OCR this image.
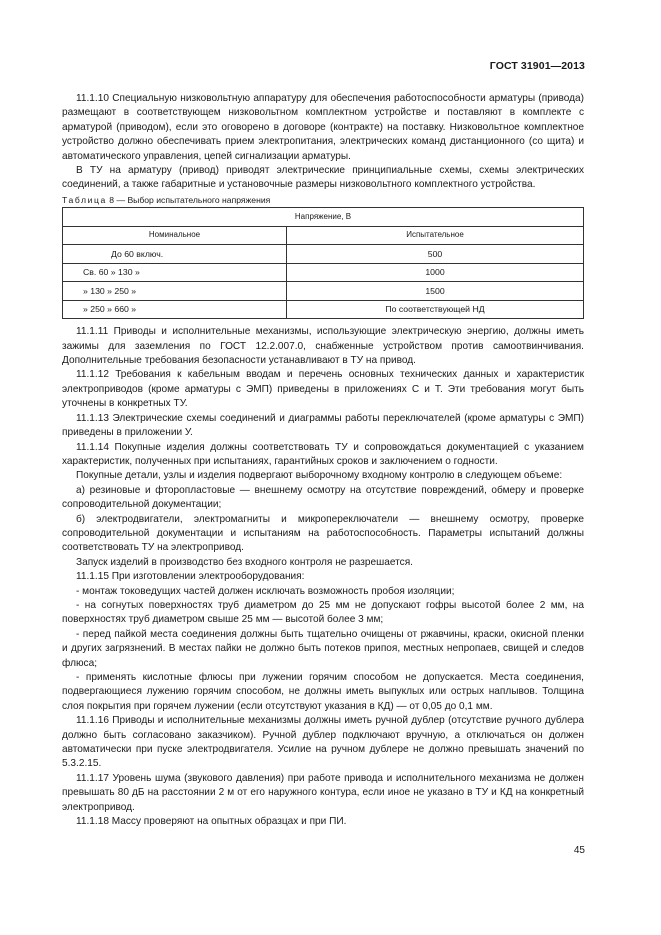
ГОСТ 31901—2013

11.1.10 Специальную низковольтную аппаратуру для обеспечения работоспособности арматуры (привода) размещают в соответствующем низковольтном комплектном устройстве и поставляют в комплекте с арматурой (приводом), если это оговорено в договоре (контракте) на поставку. Низковольтное комплектное устройство должно обеспечивать прием электропитания, электрических команд дистанционного (со щита) и автоматического управления, цепей сигнализации арматуры.

В ТУ на арматуру (привод) приводят электрические принципиальные схемы, схемы электрических соединений, а также габаритные и установочные размеры низковольтного комплектного устройства.

Таблица 8 — Выбор испытательного напряжения

Напряжение, В	
Номинальное	Испытательное
До 60 включ.	500
Св. 60 » 130 »	1000
» 130 » 250 »	1500
» 250 » 660 »	По соответствующей НД

11.1.11 Приводы и исполнительные механизмы, использующие электрическую энергию, должны иметь зажимы для заземления по ГОСТ 12.2.007.0, снабженные устройством против самоотвинчивания. Дополнительные требования безопасности устанавливают в ТУ на привод.

11.1.12 Требования к кабельным вводам и перечень основных технических данных и характеристик электроприводов (кроме арматуры с ЭМП) приведены в приложениях С и Т. Эти требования могут быть уточнены в конкретных ТУ.

11.1.13 Электрические схемы соединений и диаграммы работы переключателей (кроме арматуры с ЭМП) приведены в приложении У.

11.1.14 Покупные изделия должны соответствовать ТУ и сопровождаться документацией с указанием характеристик, полученных при испытаниях, гарантийных сроков и заключением о годности.

Покупные детали, узлы и изделия подвергают выборочному входному контролю в следующем объеме:

а) резиновые и фторопластовые — внешнему осмотру на отсутствие повреждений, обмеру и проверке сопроводительной документации;

б) электродвигатели, электромагниты и микропереключатели — внешнему осмотру, проверке сопроводительной документации и испытаниям на работоспособность. Параметры испытаний должны соответствовать ТУ на электропривод.

Запуск изделий в производство без входного контроля не разрешается.

11.1.15 При изготовлении электрооборудования:

- монтаж токоведущих частей должен исключать возможность пробоя изоляции;

- на согнутых поверхностях труб диаметром до 25 мм не допускают гофры высотой более 2 мм, на поверхностях труб диаметром свыше 25 мм — высотой более 3 мм;

- перед пайкой места соединения должны быть тщательно очищены от ржавчины, краски, окисной пленки и других загрязнений. В местах пайки не должно быть потеков припоя, местных непропаев, свищей и следов флюса;

- применять кислотные флюсы при лужении горячим способом не допускается. Места соединения, подвергающиеся лужению горячим способом, не должны иметь выпуклых или острых наплывов. Толщина слоя покрытия при горячем лужении (если отсутствуют указания в КД) — от 0,05 до 0,1 мм.

11.1.16 Приводы и исполнительные механизмы должны иметь ручной дублер (отсутствие ручного дублера должно быть согласовано заказчиком). Ручной дублер подключают вручную, а отключаться он должен автоматически при пуске электродвигателя. Усилие на ручном дублере не должно превышать значений по 5.3.2.15.

11.1.17 Уровень шума (звукового давления) при работе привода и исполнительного механизма не должен превышать 80 дБ на расстоянии 2 м от его наружного контура, если иное не указано в ТУ и КД на конкретный электропривод.

11.1.18 Массу проверяют на опытных образцах и при ПИ.

45
